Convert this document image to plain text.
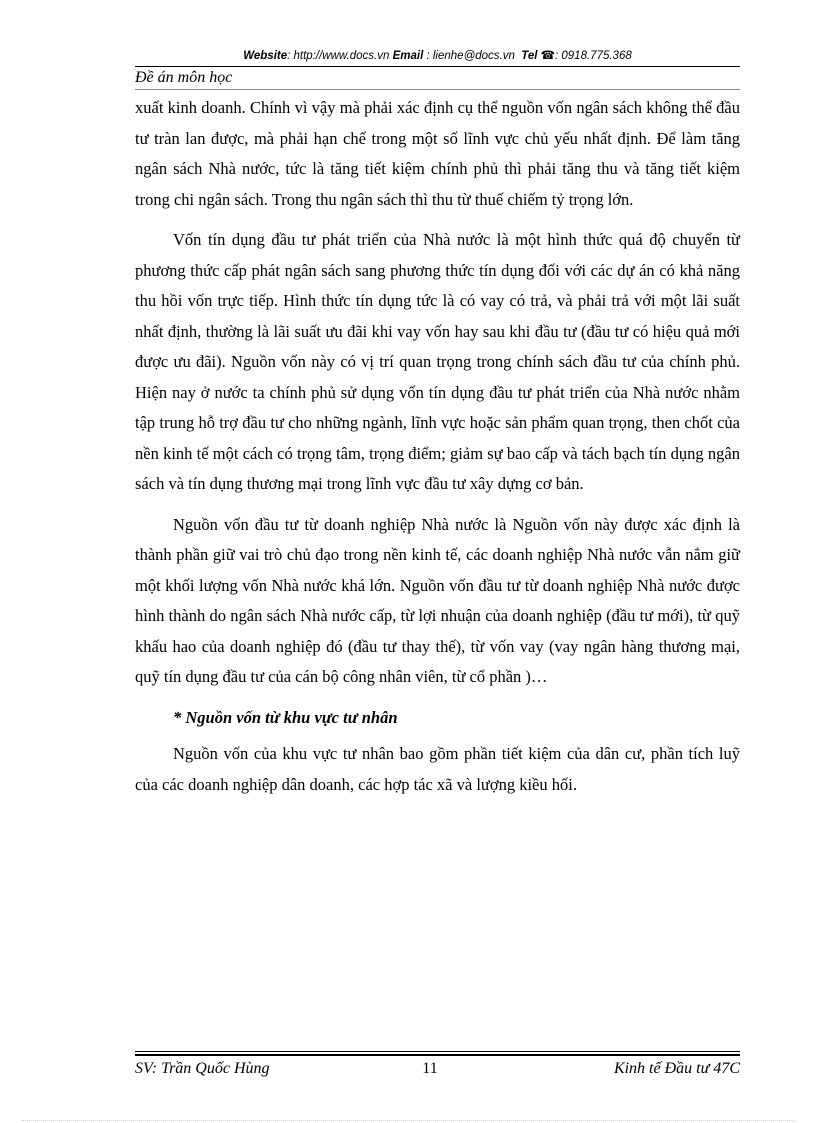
Website: http://www.docs.vn Email : lienhe@docs.vn Tel ☎: 0918.775.368
Đề án môn học

xuất kinh doanh. Chính vì vậy mà phải xác định cụ thể nguồn vốn ngân sách không thể đầu tư tràn lan được, mà phải hạn chế trong một số lĩnh vực chủ yếu nhất định. Để làm tăng ngân sách Nhà nước, tức là tăng tiết kiệm chính phủ thì phải tăng thu và tăng tiết kiệm trong chi ngân sách. Trong thu ngân sách thì thu từ thuế chiếm tỷ trọng lớn.

Vốn tín dụng đầu tư phát triển của Nhà nước là một hình thức quá độ chuyển từ phương thức cấp phát ngân sách sang phương thức tín dụng đối với các dự án có khả năng thu hồi vốn trực tiếp. Hình thức tín dụng tức là có vay có trả, và phải trả với một lãi suất nhất định, thường là lãi suất ưu đãi khi vay vốn hay sau khi đầu tư (đầu tư có hiệu quả mới được ưu đãi). Nguồn vốn này có vị trí quan trọng trong chính sách đầu tư của chính phủ. Hiện nay ở nước ta chính phủ sử dụng vốn tín dụng đầu tư phát triển của Nhà nước nhằm tập trung hỗ trợ đầu tư cho những ngành, lĩnh vực hoặc sản phẩm quan trọng, then chốt của nền kinh tế một cách có trọng tâm, trọng điểm; giảm sự bao cấp và tách bạch tín dụng ngân sách và tín dụng thương mại trong lĩnh vực đầu tư xây dựng cơ bản.

Nguồn vốn đầu tư từ doanh nghiệp Nhà nước là Nguồn vốn này được xác định là thành phần giữ vai trò chủ đạo trong nền kinh tế, các doanh nghiệp Nhà nước vẫn nắm giữ một khối lượng vốn Nhà nước khá lớn. Nguồn vốn đầu tư từ doanh nghiệp Nhà nước được hình thành do ngân sách Nhà nước cấp, từ lợi nhuận của doanh nghiệp (đầu tư mới), từ quỹ khấu hao của doanh nghiệp đó (đầu tư thay thế), từ vốn vay (vay ngân hàng thương mại, quỹ tín dụng đầu tư của cán bộ công nhân viên, từ cổ phần )…

* Nguồn vốn từ khu vực tư nhân

Nguồn vốn của khu vực tư nhân bao gồm phần tiết kiệm của dân cư, phần tích luỹ của các doanh nghiệp dân doanh, các hợp tác xã và lượng kiều hối.

SV: Trần Quốc Hùng	11	Kinh tế Đầu tư 47C
